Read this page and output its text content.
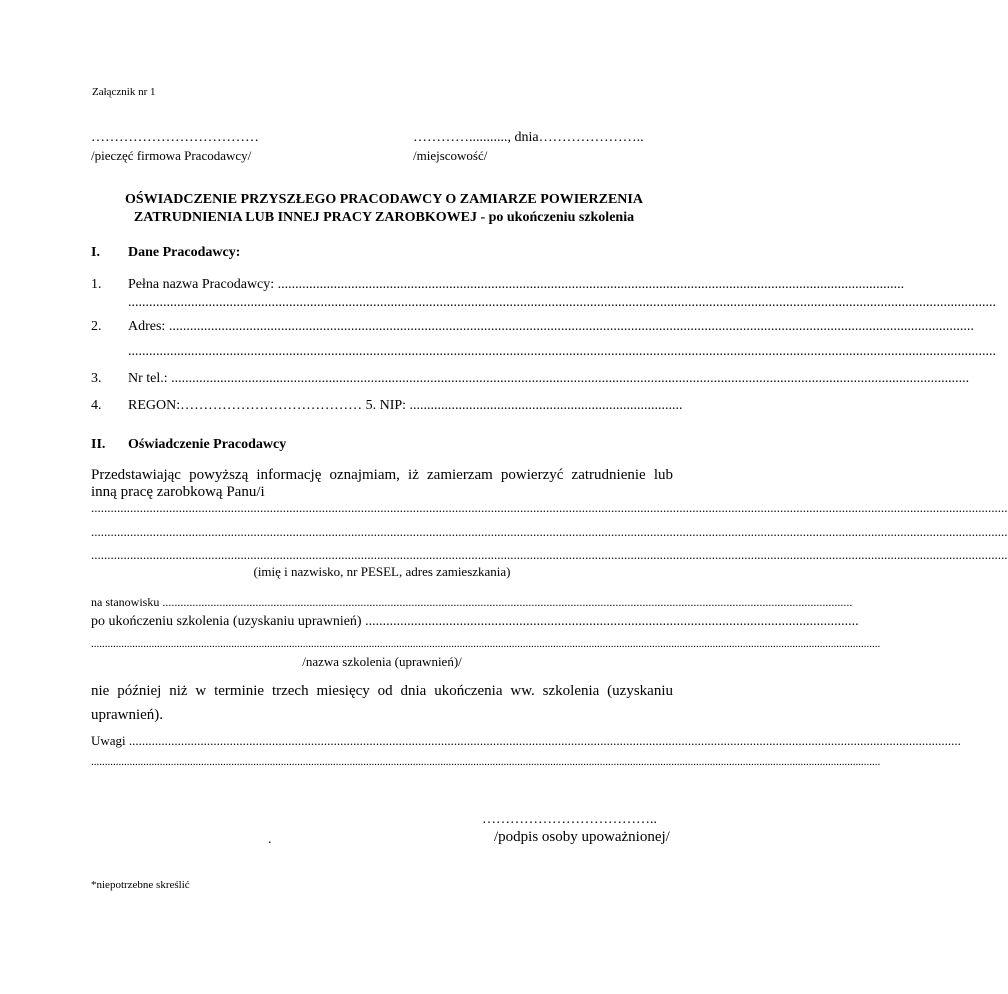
Załącznik nr 1
………………………………
/pieczęć firmowa Pracodawcy/
…………..........., dnia…………………..
/miejscowość/
OŚWIADCZENIE PRZYSZŁEGO PRACODAWCY O ZAMIARZE POWIERZENIA
ZATRUDNIENIA LUB INNEJ PRACY ZAROBKOWEJ - po ukończeniu szkolenia
I. Dane Pracodawcy:
1. Pełna nazwa Pracodawcy: ...................................................................................................................................................................................
........................................................................................................................................................................................................................................................
2. Adres: ......................................................................................................................................................................................................................................
........................................................................................................................................................................................................................................................
3. Nr tel.: ....................................................................................................................................................................................................................................
4. REGON:………………………………… 5. NIP: ..............................................................................
II. Oświadczenie Pracodawcy
Przedstawiając powyższą informację oznajmiam, iż zamierzam powierzyć zatrudnienie lub
inną pracę zarobkową Panu/i
..........................................................................................................................................................................................................................................................................................
..........................................................................................................................................................................................................................................................................................
..........................................................................................................................................................................................................................................................................................
(imię i nazwisko, nr PESEL, adres zamieszkania)
na stanowisku ......................................................................................................................................................................................................................................
po ukończeniu szkolenia (uzyskaniu uprawnień) .............................................................................................................................................
...............................................................................................................................................................................................................................................................................................
/nazwa szkolenia (uprawnień)/
nie później niż w terminie trzech miesięcy od dnia ukończenia ww. szkolenia (uzyskaniu
uprawnień).
Uwagi ................................................................................................................................................................................................................................................................
...............................................................................................................................................................................................................................................................................................
………………………………..
.	/podpis osoby upoważnionej/
*niepotrzebne skreślić
